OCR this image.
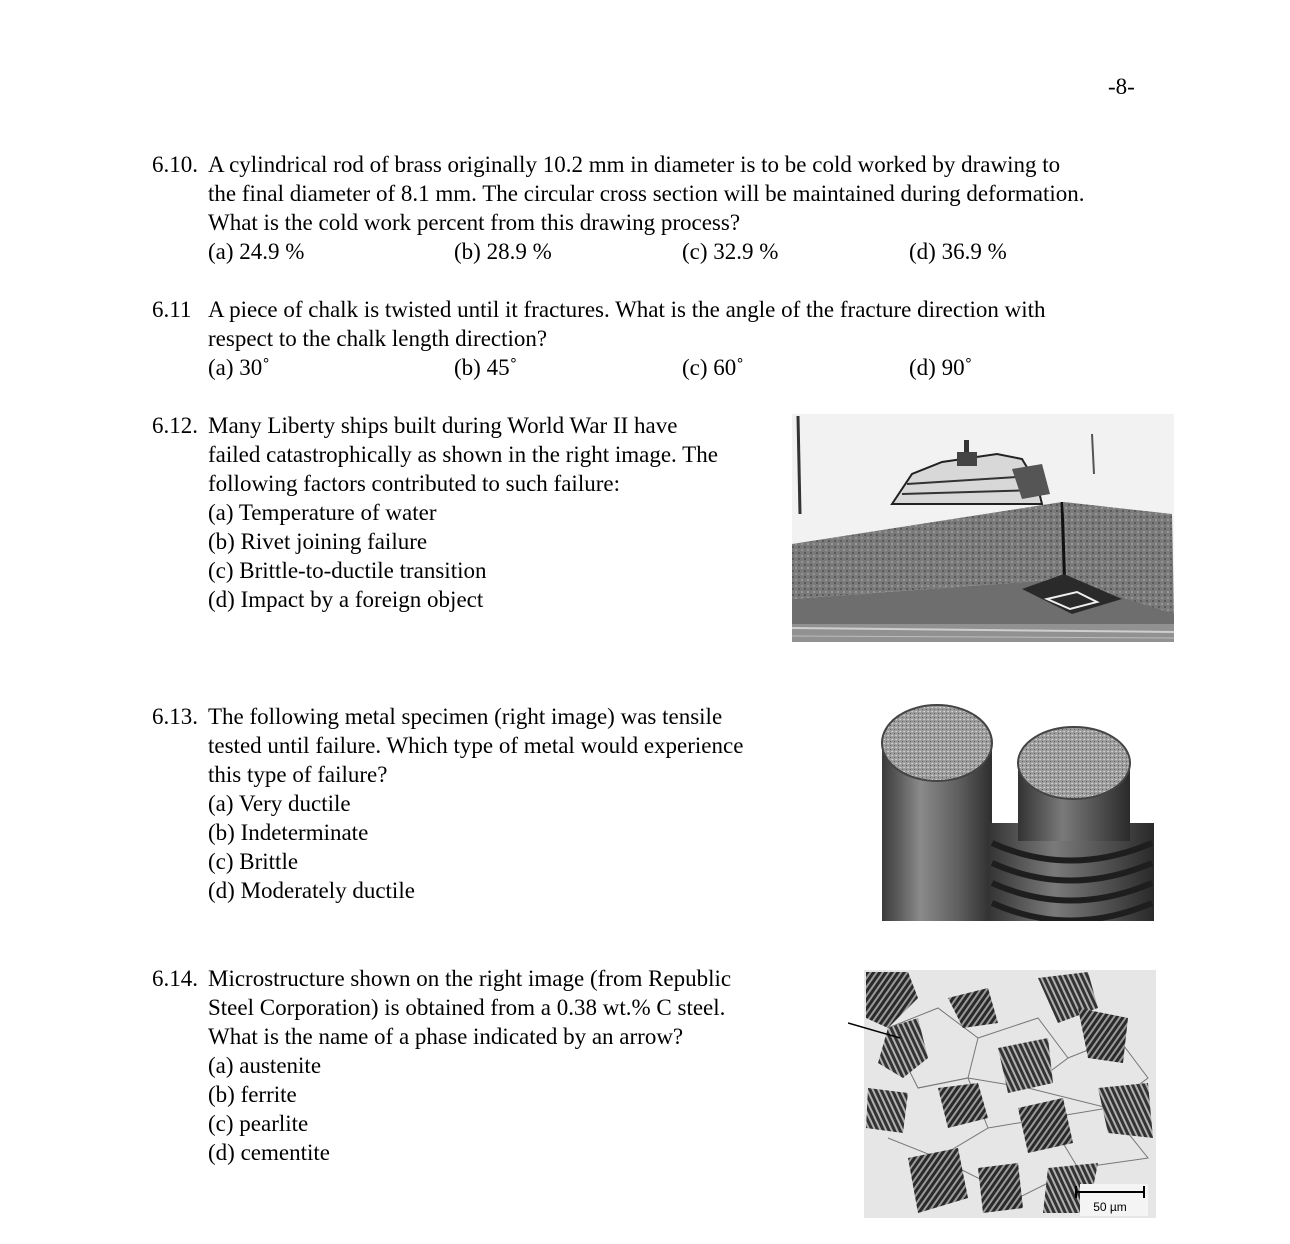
-8-
6.10. A cylindrical rod of brass originally 10.2 mm in diameter is to be cold worked by drawing to
the final diameter of 8.1 mm. The circular cross section will be maintained during deformation.
What is the cold work percent from this drawing process?
(a) 24.9 %	(b) 28.9 %	(c) 32.9 %	(d) 36.9 %
6.11 A piece of chalk is twisted until it fractures. What is the angle of the fracture direction with
respect to the chalk length direction?
(a) 30˚	(b) 45˚	(c) 60˚	(d) 90˚
6.12. Many Liberty ships built during World War II have
failed catastrophically as shown in the right image. The
following factors contributed to such failure:
(a) Temperature of water
(b) Rivet joining failure
(c) Brittle-to-ductile transition
(d) Impact by a foreign object
6.13. The following metal specimen (right image) was tensile
tested until failure. Which type of metal would experience
this type of failure?
(a) Very ductile
(b) Indeterminate
(c) Brittle
(d) Moderately ductile
6.14. Microstructure shown on the right image (from Republic
Steel Corporation) is obtained from a 0.38 wt.% C steel.
What is the name of a phase indicated by an arrow?
(a) austenite
(b) ferrite
(c) pearlite
(d) cementite
50 µm
